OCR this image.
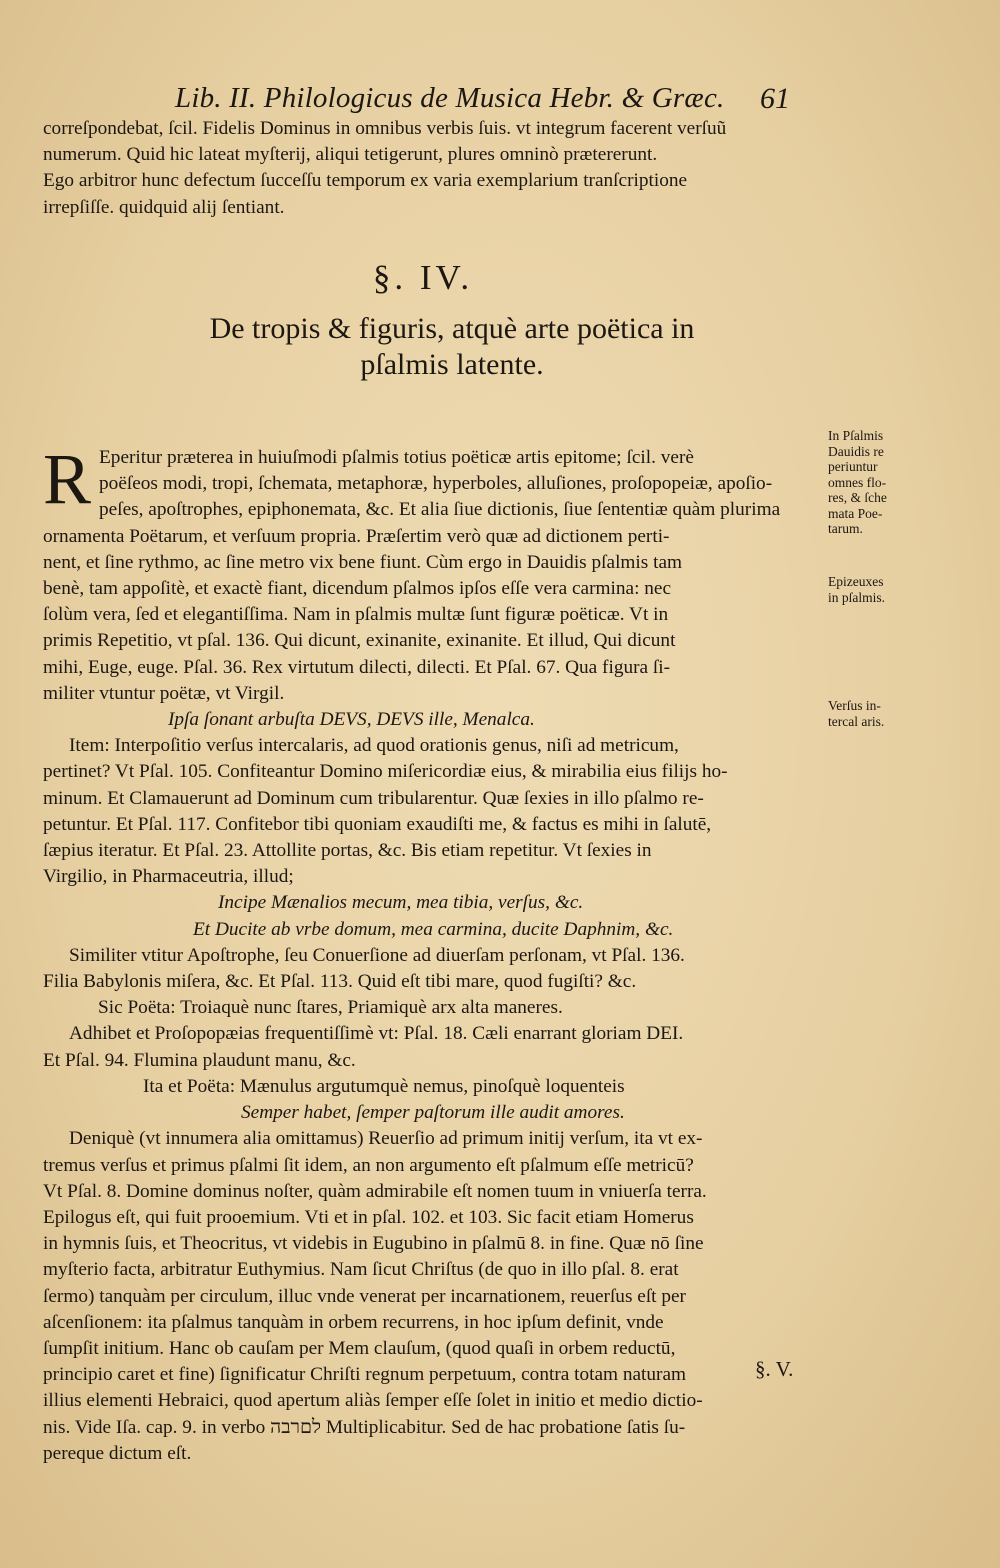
Lib. II. Philologicus de Musica Hebr. & Græc.	61

correſpondebat, ſcil. Fidelis Dominus in omnibus verbis ſuis. vt integrum facerent verſuũ
numerum. Quid hic lateat myſterij, aliqui tetigerunt, plures omninò prætererunt.
Ego arbitror hunc defectum ſucceſſu temporum ex varia exemplarium tranſcriptione
irrepſiſſe. quidquid alij ſentiant.

§. IV.
De tropis & figuris, atquè arte poëtica in
pſalmis latente.

R Eperitur prætereа in huiuſmodi pſalmis totius poëticæ artis epitome; ſcil. verè
poëſeos modi, tropi, ſchemata, metaphoræ, hyperboles, alluſiones, proſopopeiæ, apoſio-
peſes, apoſtrophes, epiphonemata, &c. Et alia ſiue dictionis, ſiue ſententiæ quàm plurima
ornamenta Poëtarum, et verſuum propria. Præſertim verò quæ ad dictionem perti-
nent, et ſine rythmo, ac ſine metro vix bene fiunt. Cùm ergo in Dauidis pſalmis tam
benè, tam appoſitè, et exactè fiant, dicendum pſalmos ipſos eſſe vera carmina: nec
ſolùm vera, ſed et elegantiſſima. Nam in pſalmis multæ ſunt figuræ poëticæ. Vt in
primis Repetitio, vt pſal. 136. Qui dicunt, exinanite, exinanite. Et illud, Qui dicunt
mihi, Euge, euge. Pſal. 36. Rex virtutum dilecti, dilecti. Et Pſal. 67. Qua figura ſi-
militer vtuntur poëtæ, vt Virgil.

Ipſa ſonant arbuſta DEVS, DEVS ille, Menalca.

Item: Interpoſitio verſus intercalaris, ad quod orationis genus, niſi ad metricum,
pertinet? Vt Pſal. 105. Confiteantur Domino miſericordiæ eius, & mirabilia eius filijs ho-
minum. Et Clamauerunt ad Dominum cum tribularentur. Quæ ſexies in illo pſalmo re-
petuntur. Et Pſal. 117. Confitebor tibi quoniam exaudiſti me, & factus es mihi in ſalutē,
ſæpius iteratur. Et Pſal. 23. Attollite portas, &c. Bis etiam repetitur. Vt ſexies in
Virgilio, in Pharmaceutria, illud;

Incipe Mænalios mecum, mea tibia, verſus, &c.
Et Ducite ab vrbe domum, mea carmina, ducite Daphnim, &c.

Similiter vtitur Apoſtrophe, ſeu Conuerſione ad diuerſam perſonam, vt Pſal. 136.
Filia Babylonis miſera, &c. Et Pſal. 113. Quid eſt tibi mare, quod fugiſti? &c.

Sic Poëta: Troiaquè nunc ſtares, Priamiquè arx alta maneres.

Adhibet et Proſopopæias frequentiſſimè vt: Pſal. 18. Cæli enarrant gloriam DEI.
Et Pſal. 94. Flumina plaudunt manu, &c.

Ita et Poëta: Mænulus argutumquè nemus, pinoſquè loquenteis
Semper habet, ſemper paſtorum ille audit amores.

Deniquè (vt innumera alia omittamus) Reuerſio ad primum initij verſum, ita vt ex-
tremus verſus et primus pſalmi ſit idem, an non argumento eſt pſalmum eſſe metricū?
Vt Pſal. 8. Domine dominus noſter, quàm admirabile eſt nomen tuum in vniuerſa terra.
Epilogus eſt, qui fuit prooemium. Vti et in pſal. 102. et 103. Sic facit etiam Homerus
in hymnis ſuis, et Theocritus, vt videbis in Eugubino in pſalmū 8. in fine. Quæ nō ſine
myſterio facta, arbitratur Euthymius. Nam ſicut Chriſtus (de quo in illo pſal. 8. erat
ſermo) tanquàm per circulum, illuc vnde venerat per incarnationem, reuerſus eſt per
aſcenſionem: ita pſalmus tanquàm in orbem recurrens, in hoc ipſum definit, vnde
ſumpſit initium. Hanc ob cauſam per Mem clauſum, (quod quaſi in orbem reductū,
principio caret et fine) ſignificatur Chriſti regnum perpetuum, contra totam naturam
illius elementi Hebraici, quod apertum aliàs ſemper eſſe ſolet in initio et medio dictio-
nis. Vide Iſa. cap. 9. in verbo לםרבה Multiplicabitur. Sed de hac probatione ſatis ſu-
pereque dictum eſt.

In Pſalmis
Dauidis re
periuntur
omnes flo-
res, & ſche
mata Poe-
tarum.
Epizeuxes
in pſalmis.
Verſus in-
tercal aris.
§. V.
